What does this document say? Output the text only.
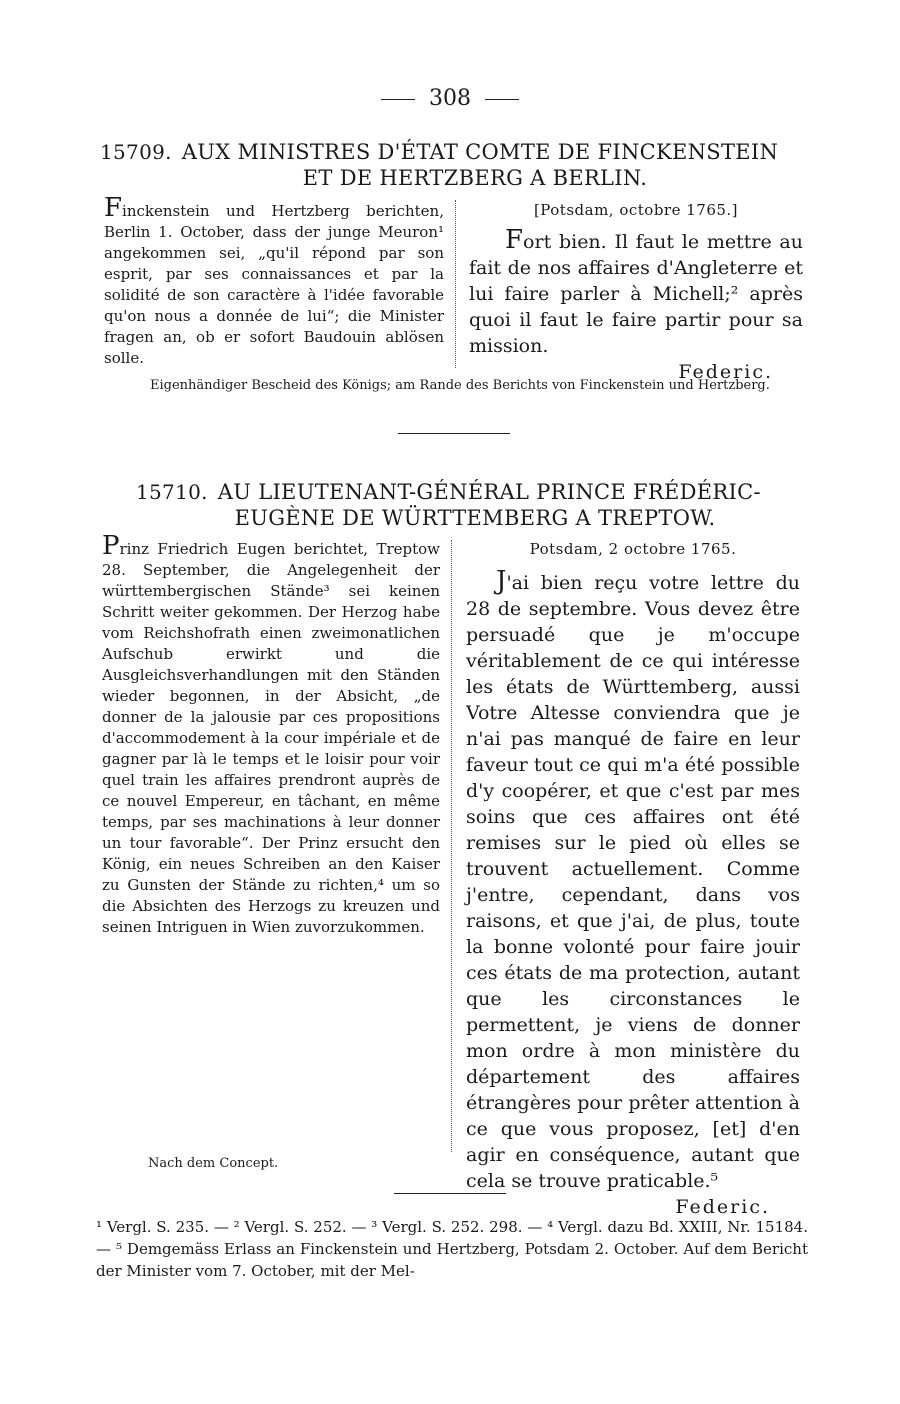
308
15709. AUX MINISTRES D'ÉTAT COMTE DE FINCKENSTEIN
ET DE HERTZBERG A BERLIN.
Finckenstein und Hertzberg berichten, Berlin 1. October, dass der junge Meuron¹ angekommen sei, „qu'il répond par son esprit, par ses connaissances et par la solidité de son caractère à l'idée favorable qu'on nous a donnée de lui“; die Minister fragen an, ob er sofort Baudouin ablösen solle.
[Potsdam, octobre 1765.]
Fort bien. Il faut le mettre au fait de nos affaires d'Angleterre et lui faire parler à Michell;² après quoi il faut le faire partir pour sa mission.
Federic.
Eigenhändiger Bescheid des Königs; am Rande des Berichts von Finckenstein und Hertzberg.
15710. AU LIEUTENANT-GÉNÉRAL PRINCE FRÉDÉRIC-
EUGÈNE DE WÜRTTEMBERG A TREPTOW.
Prinz Friedrich Eugen berichtet, Treptow 28. September, die Angelegenheit der württembergischen Stände³ sei keinen Schritt weiter gekommen. Der Herzog habe vom Reichshofrath einen zweimonatlichen Aufschub erwirkt und die Ausgleichsverhandlungen mit den Ständen wieder begonnen, in der Absicht, „de donner de la jalousie par ces propositions d'accommodement à la cour impériale et de gagner par là le temps et le loisir pour voir quel train les affaires prendront auprès de ce nouvel Empereur, en tâchant, en même temps, par ses machinations à leur donner un tour favorable“. Der Prinz ersucht den König, ein neues Schreiben an den Kaiser zu Gunsten der Stände zu richten,⁴ um so die Absichten des Herzogs zu kreuzen und seinen Intriguen in Wien zuvorzukommen.
Potsdam, 2 octobre 1765.
J'ai bien reçu votre lettre du 28 de septembre. Vous devez être persuadé que je m'occupe véritablement de ce qui intéresse les états de Württemberg, aussi Votre Altesse conviendra que je n'ai pas manqué de faire en leur faveur tout ce qui m'a été possible d'y coopérer, et que c'est par mes soins que ces affaires ont été remises sur le pied où elles se trouvent actuellement. Comme j'entre, cependant, dans vos raisons, et que j'ai, de plus, toute la bonne volonté pour faire jouir ces états de ma protection, autant que les circonstances le permettent, je viens de donner mon ordre à mon ministère du département des affaires étrangères pour prêter attention à ce que vous proposez, [et] d'en agir en conséquence, autant que cela se trouve praticable.⁵
Federic.
Nach dem Concept.
¹ Vergl. S. 235. — ² Vergl. S. 252. — ³ Vergl. S. 252. 298. — ⁴ Vergl. dazu Bd. XXIII, Nr. 15184. — ⁵ Demgemäss Erlass an Finckenstein und Hertzberg, Potsdam 2. October. Auf dem Bericht der Minister vom 7. October, mit der Mel-
